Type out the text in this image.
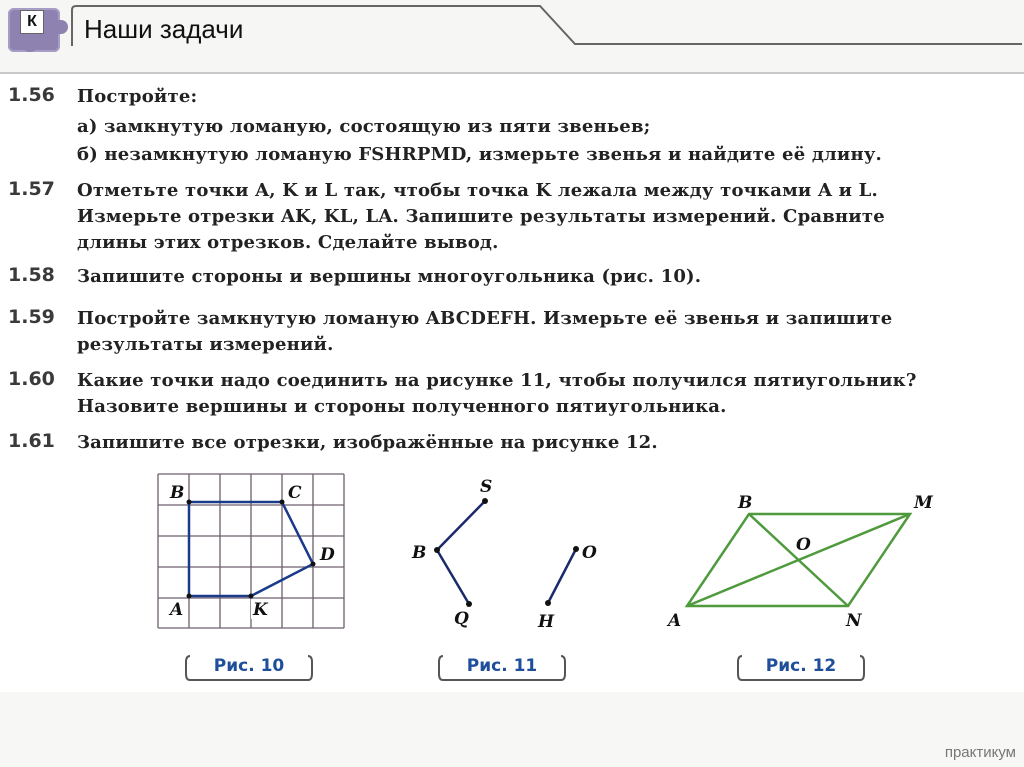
К Наши задачи
1.56 Постройте:
а) замкнутую ломаную, состоящую из пяти звеньев;
б) незамкнутую ломаную FSHRPMD, измерьте звенья и найдите её длину.
1.57 Отметьте точки A, K и L так, чтобы точка K лежала между точками A и L.
Измерьте отрезки AK, KL, LA. Запишите результаты измерений. Сравните
длины этих отрезков. Сделайте вывод.
1.58 Запишите стороны и вершины многоугольника (рис. 10).
1.59 Постройте замкнутую ломаную ABCDEFH. Измерьте её звенья и запишите
результаты измерений.
1.60 Какие точки надо соединить на рисунке 11, чтобы получился пятиугольник?
Назовите вершины и стороны полученного пятиугольника.
1.61 Запишите все отрезки, изображённые на рисунке 12.
B	C
D
A	K
S
B
Q
O
H
B	M
O
A	N
Рис. 10	Рис. 11	Рис. 12
практикум
